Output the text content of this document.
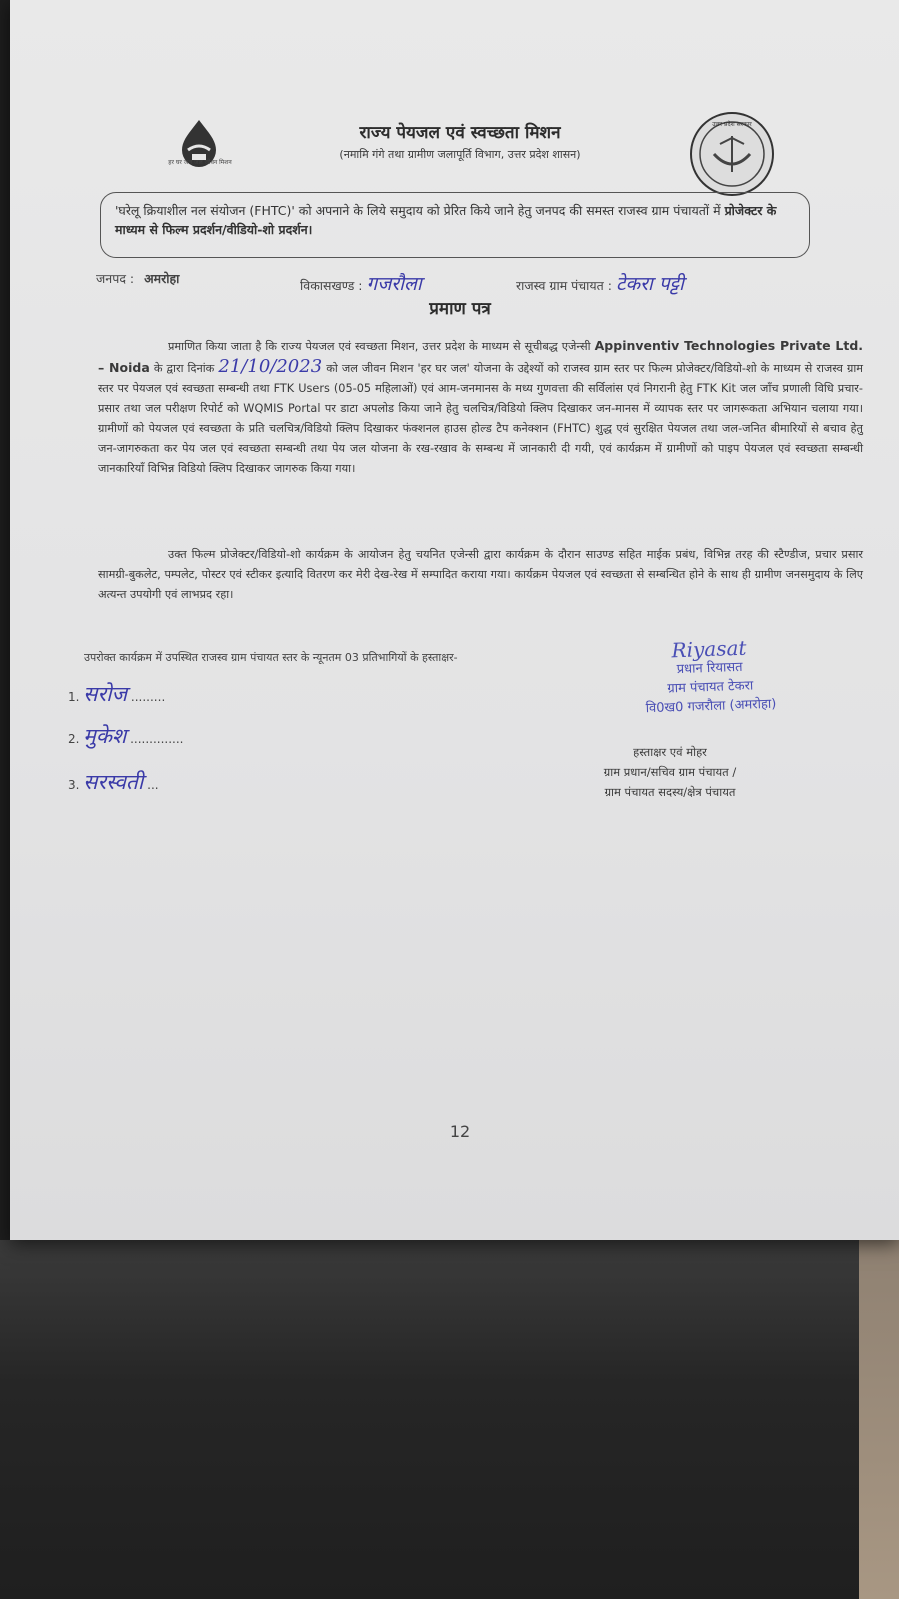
हर घर जल जल जीवन मिशन
राज्य पेयजल एवं स्वच्छता मिशन
(नमामि गंगे तथा ग्रामीण जलापूर्ति विभाग, उत्तर प्रदेश शासन)
उत्तर प्रदेश सरकार
'घरेलू क्रियाशील नल संयोजन (FHTC)' को अपनाने के लिये समुदाय को प्रेरित किये जाने हेतु जनपद की समस्त राजस्व ग्राम पंचायतों में प्रोजेक्टर के माध्यम से फिल्म प्रदर्शन/वीडियो-शो प्रदर्शन।
जनपद : अमरोहा	विकासखण्ड : गजरौला	राजस्व ग्राम पंचायत : टेकरा पट्टी
प्रमाण पत्र
प्रमाणित किया जाता है कि राज्य पेयजल एवं स्वच्छता मिशन, उत्तर प्रदेश के माध्यम से सूचीबद्ध एजेन्सी Appinventiv Technologies Private Ltd. – Noida के द्वारा दिनांक 21/10/2023 को जल जीवन मिशन 'हर घर जल' योजना के उद्देश्यों को राजस्व ग्राम स्तर पर फिल्म प्रोजेक्टर/विडियो-शो के माध्यम से राजस्व ग्राम स्तर पर पेयजल एवं स्वच्छता सम्बन्धी तथा FTK Users (05-05 महिलाओं) एवं आम-जनमानस के मध्य गुणवत्ता की सर्विलांस एवं निगरानी हेतु FTK Kit जल जाँच प्रणाली विधि प्रचार-प्रसार तथा जल परीक्षण रिपोर्ट को WQMIS Portal पर डाटा अपलोड किया जाने हेतु चलचित्र/विडियो क्लिप दिखाकर जन-मानस में व्यापक स्तर पर जागरूकता अभियान चलाया गया। ग्रामीणों को पेयजल एवं स्वच्छता के प्रति चलचित्र/विडियो क्लिप दिखाकर फंक्शनल हाउस होल्ड टैप कनेक्शन (FHTC) शुद्ध एवं सुरक्षित पेयजल तथा जल-जनित बीमारियों से बचाव हेतु जन-जागरुकता कर पेय जल एवं स्वच्छता सम्बन्धी तथा पेय जल योजना के रख-रखाव के सम्बन्ध में जानकारी दी गयी, एवं कार्यक्रम में ग्रामीणों को पाइप पेयजल एवं स्वच्छता सम्बन्धी जानकारियाँ विभिन्न विडियो क्लिप दिखाकर जागरुक किया गया।
उक्त फिल्म प्रोजेक्टर/विडियो-शो कार्यक्रम के आयोजन हेतु चयनित एजेन्सी द्वारा कार्यक्रम के दौरान साउण्ड सहित माईक प्रबंध, विभिन्न तरह की स्टैण्डीज, प्रचार प्रसार सामग्री-बुकलेट, पम्पलेट, पोस्टर एवं स्टीकर इत्यादि वितरण कर मेरी देख-रेख में सम्पादित कराया गया। कार्यक्रम पेयजल एवं स्वच्छता से सम्बन्धित होने के साथ ही ग्रामीण जनसमुदाय के लिए अत्यन्त उपयोगी एवं लाभप्रद रहा।
उपरोक्त कार्यक्रम में उपस्थित राजस्व ग्राम पंचायत स्तर के न्यूनतम 03 प्रतिभागियों के हस्ताक्षर-
1. सरोज .........
2. मुकेश ..............
3. सरस्वती ...
Riyasat
प्रधान रियासत
ग्राम पंचायत टेकरा
वि0ख0 गजरौला (अमरोहा)
हस्ताक्षर एवं मोहर
ग्राम प्रधान/सचिव ग्राम पंचायत /
ग्राम पंचायत सदस्य/क्षेत्र पंचायत
12
